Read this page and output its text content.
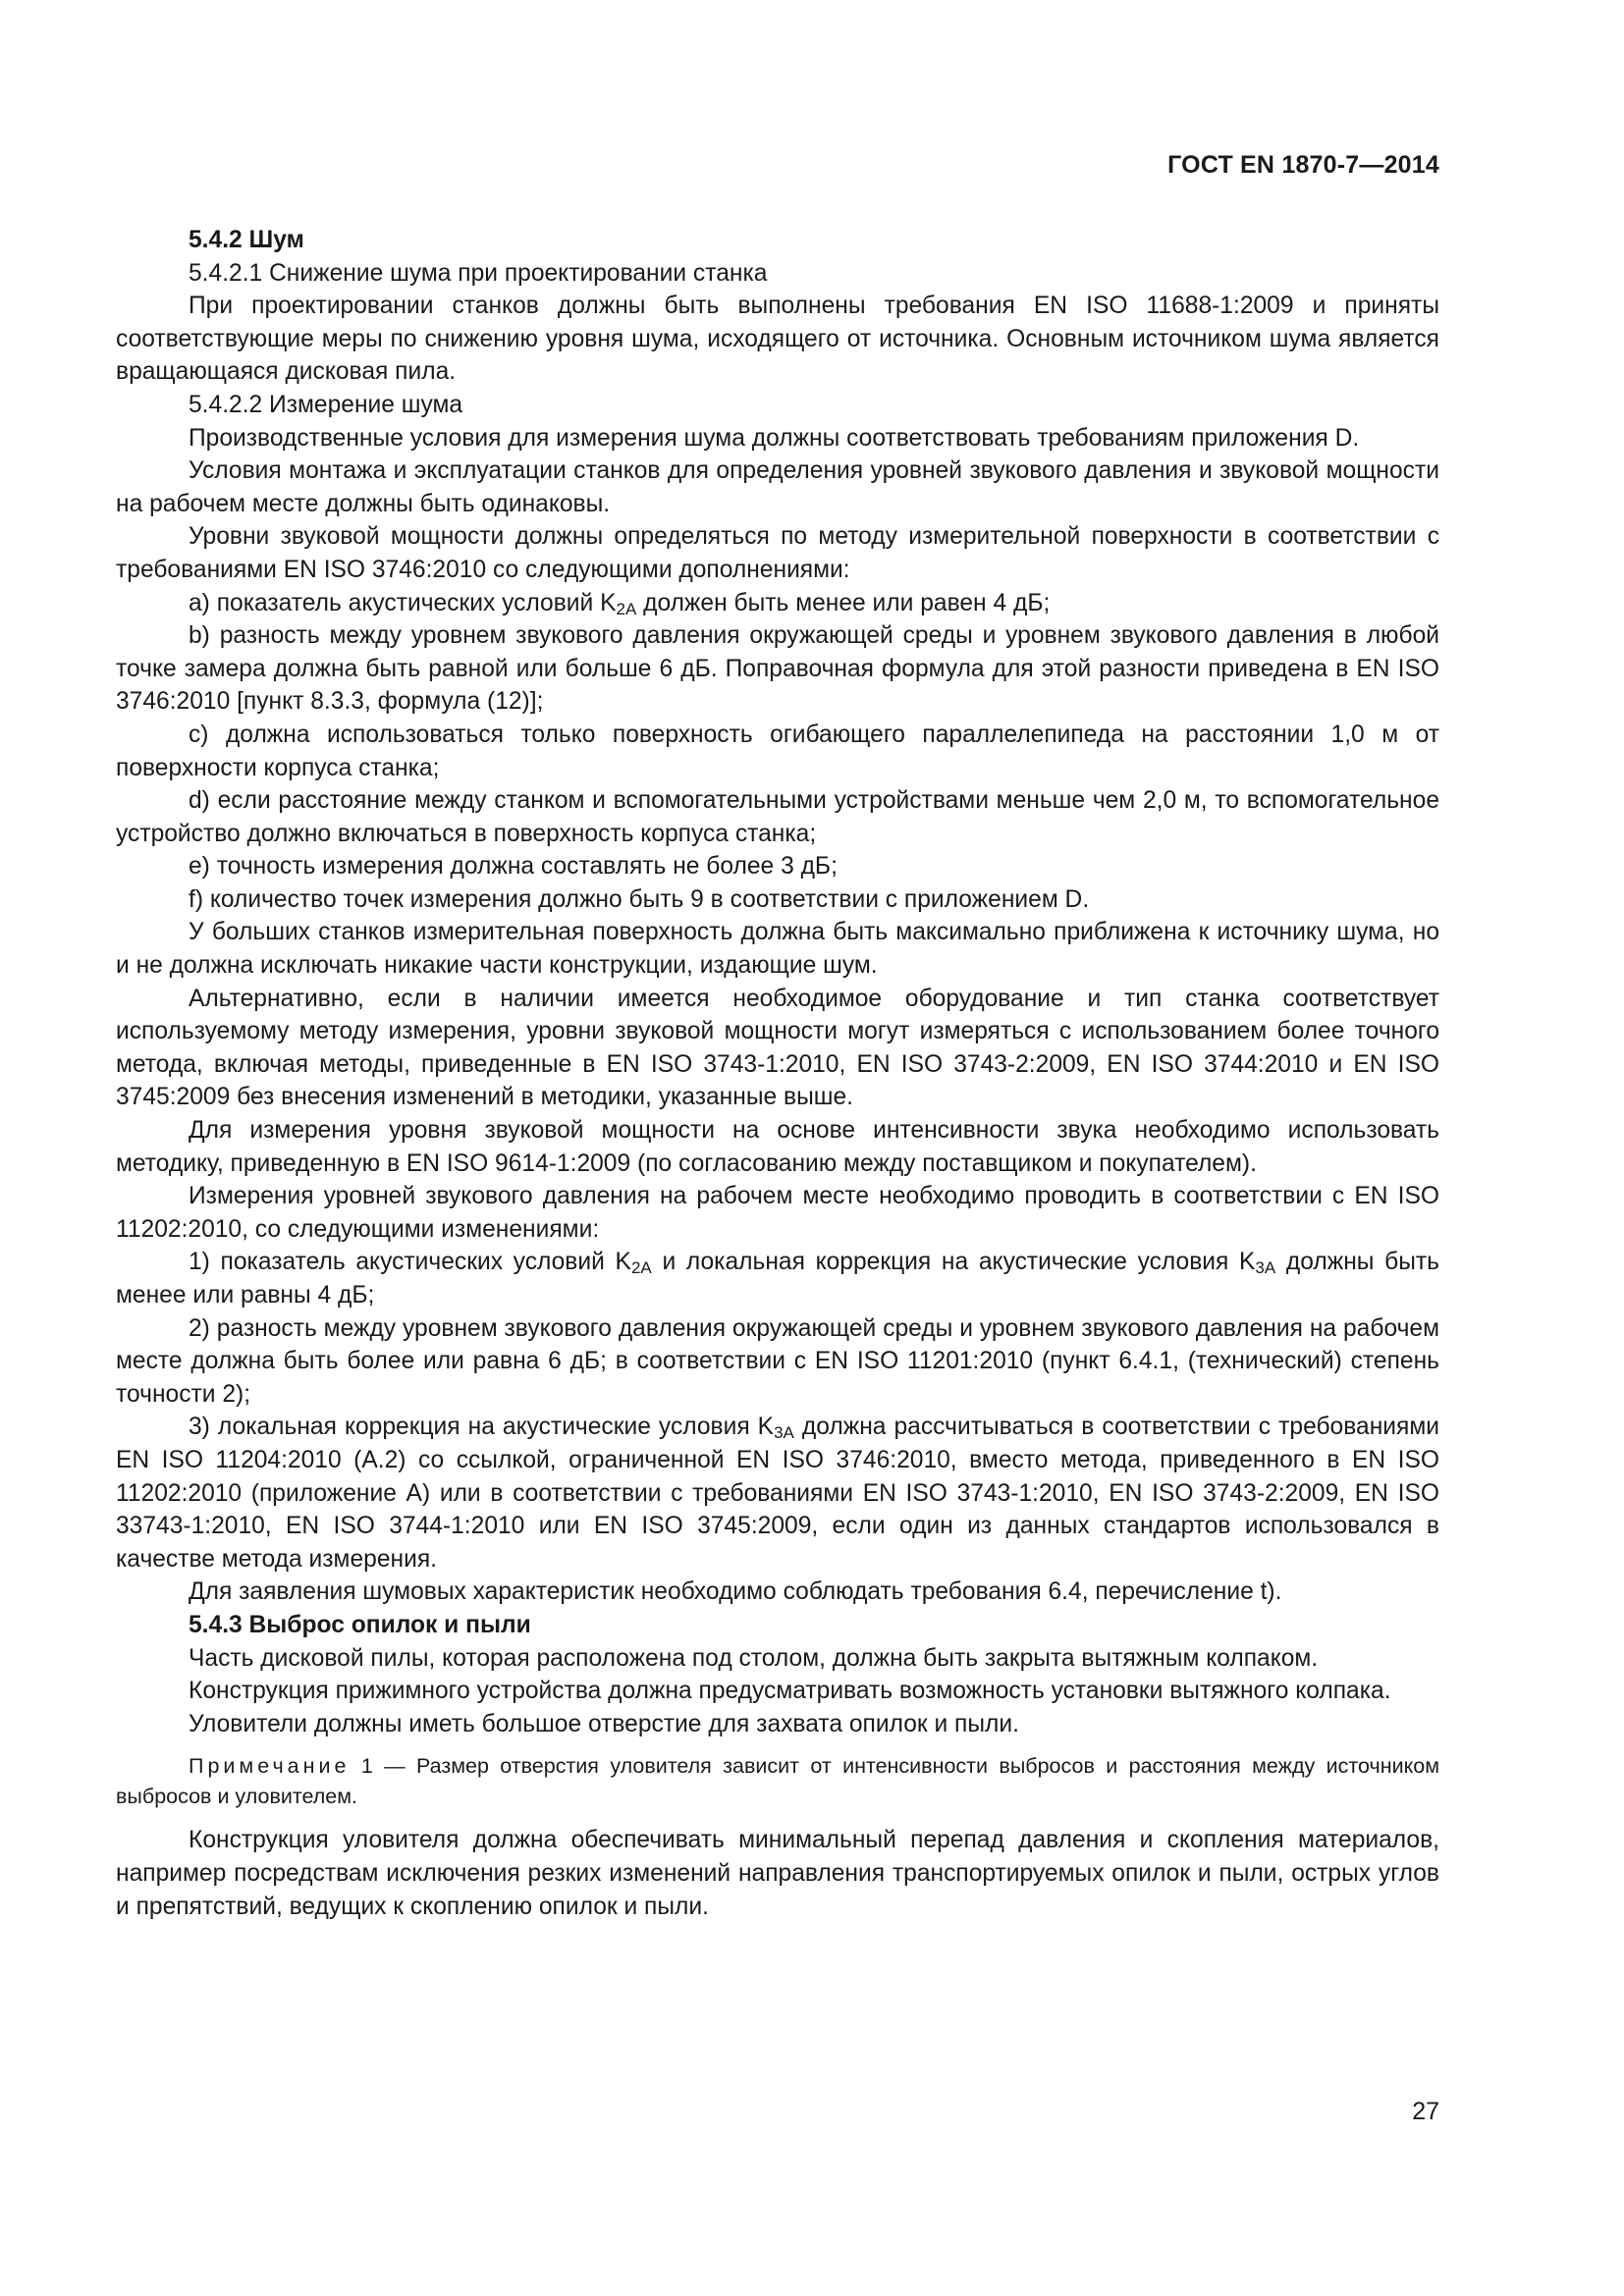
ГОСТ EN 1870-7—2014

5.4.2 Шум

5.4.2.1 Снижение шума при проектировании станка

При проектировании станков должны быть выполнены требования EN ISO 11688-1:2009 и приняты соответствующие меры по снижению уровня шума, исходящего от источника. Основным источником шума является вращающаяся дисковая пила.

5.4.2.2 Измерение шума

Производственные условия для измерения шума должны соответствовать требованиям приложения D.

Условия монтажа и эксплуатации станков для определения уровней звукового давления и звуковой мощности на рабочем месте должны быть одинаковы.

Уровни звуковой мощности должны определяться по методу измерительной поверхности в соответствии с требованиями EN ISO 3746:2010 со следующими дополнениями:

a) показатель акустических условий $K_{2A}$ должен быть менее или равен 4 дБ;

b) разность между уровнем звукового давления окружающей среды и уровнем звукового давления в любой точке замера должна быть равной или больше 6 дБ. Поправочная формула для этой разности приведена в EN ISO 3746:2010 [пункт 8.3.3, формула (12)];

c) должна использоваться только поверхность огибающего параллелепипеда на расстоянии 1,0 м от поверхности корпуса станка;

d) если расстояние между станком и вспомогательными устройствами меньше чем 2,0 м, то вспомогательное устройство должно включаться в поверхность корпуса станка;

e) точность измерения должна составлять не более 3 дБ;

f) количество точек измерения должно быть 9 в соответствии с приложением D.

У больших станков измерительная поверхность должна быть максимально приближена к источнику шума, но и не должна исключать никакие части конструкции, издающие шум.

Альтернативно, если в наличии имеется необходимое оборудование и тип станка соответствует используемому методу измерения, уровни звуковой мощности могут измеряться с использованием более точного метода, включая методы, приведенные в EN ISO 3743-1:2010, EN ISO 3743-2:2009, EN ISO 3744:2010 и EN ISO 3745:2009 без внесения изменений в методики, указанные выше.

Для измерения уровня звуковой мощности на основе интенсивности звука необходимо использовать методику, приведенную в EN ISO 9614-1:2009 (по согласованию между поставщиком и покупателем).

Измерения уровней звукового давления на рабочем месте необходимо проводить в соответствии с EN ISO 11202:2010, со следующими изменениями:

1) показатель акустических условий $K_{2A}$ и локальная коррекция на акустические условия $K_{3A}$ должны быть менее или равны 4 дБ;

2) разность между уровнем звукового давления окружающей среды и уровнем звукового давления на рабочем месте должна быть более или равна 6 дБ; в соответствии с EN ISO 11201:2010 (пункт 6.4.1, (технический) степень точности 2);

3) локальная коррекция на акустические условия $K_{3A}$ должна рассчитываться в соответствии с требованиями EN ISO 11204:2010 (A.2) со ссылкой, ограниченной EN ISO 3746:2010, вместо метода, приведенного в EN ISO 11202:2010 (приложение А) или в соответствии с требованиями EN ISO 3743-1:2010, EN ISO 3743-2:2009, EN ISO 33743-1:2010, EN ISO 3744-1:2010 или EN ISO 3745:2009, если один из данных стандартов использовался в качестве метода измерения.

Для заявления шумовых характеристик необходимо соблюдать требования 6.4, перечисление t).

5.4.3 Выброс опилок и пыли

Часть дисковой пилы, которая расположена под столом, должна быть закрыта вытяжным колпаком.

Конструкция прижимного устройства должна предусматривать возможность установки вытяжного колпака.

Уловители должны иметь большое отверстие для захвата опилок и пыли.

Примечание 1 — Размер отверстия уловителя зависит от интенсивности выбросов и расстояния между источником выбросов и уловителем.

Конструкция уловителя должна обеспечивать минимальный перепад давления и скопления материалов, например посредствам исключения резких изменений направления транспортируемых опилок и пыли, острых углов и препятствий, ведущих к скоплению опилок и пыли.

27
